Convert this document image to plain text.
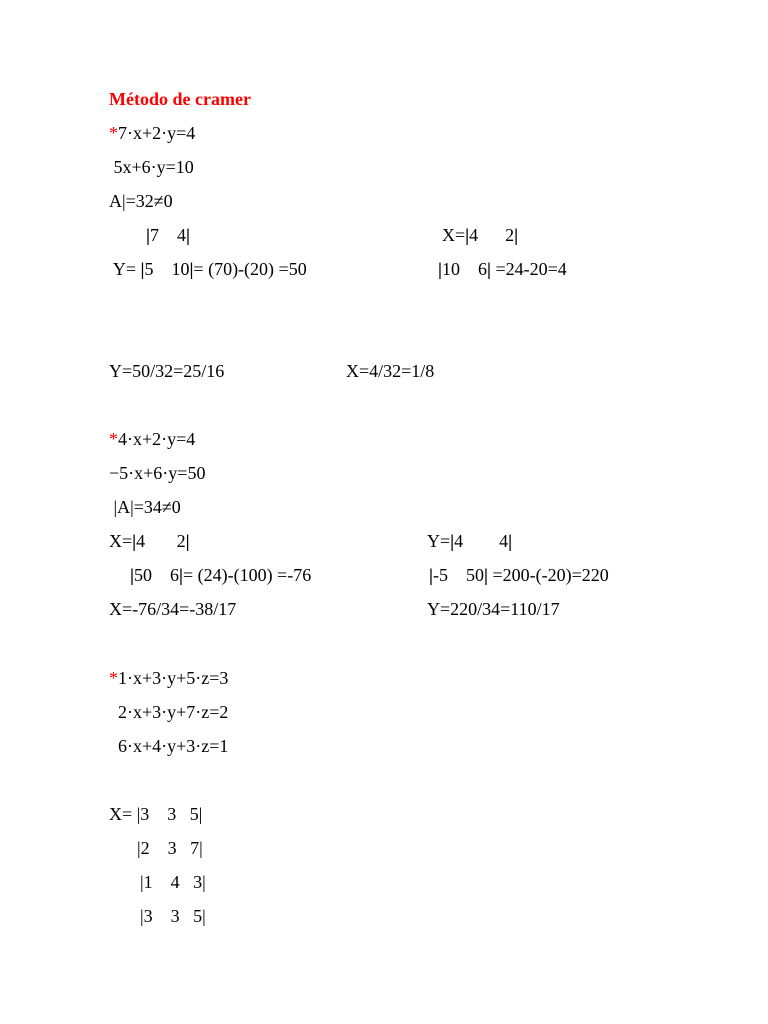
Método de cramer
*7·x+2·y=4
5x+6·y=10
A|=32≠0
|7    4|	X=|4      2|
Y= |5    10|= (70)-(20) =50	|10    6| =24-20=4
Y=50/32=25/16	X=4/32=1/8
*4·x+2·y=4
−5·x+6·y=50
|A|=34≠0
X=|4       2|	Y=|4        4|
|50    6|= (24)-(100) =-76	|-5    50| =200-(-20)=220
X=-76/34=-38/17	Y=220/34=110/17
*1·x+3·y+5·z=3
2·x+3·y+7·z=2
6·x+4·y+3·z=1
X= |3    3   5|
|2    3   7|
|1    4   3|
|3    3   5|
